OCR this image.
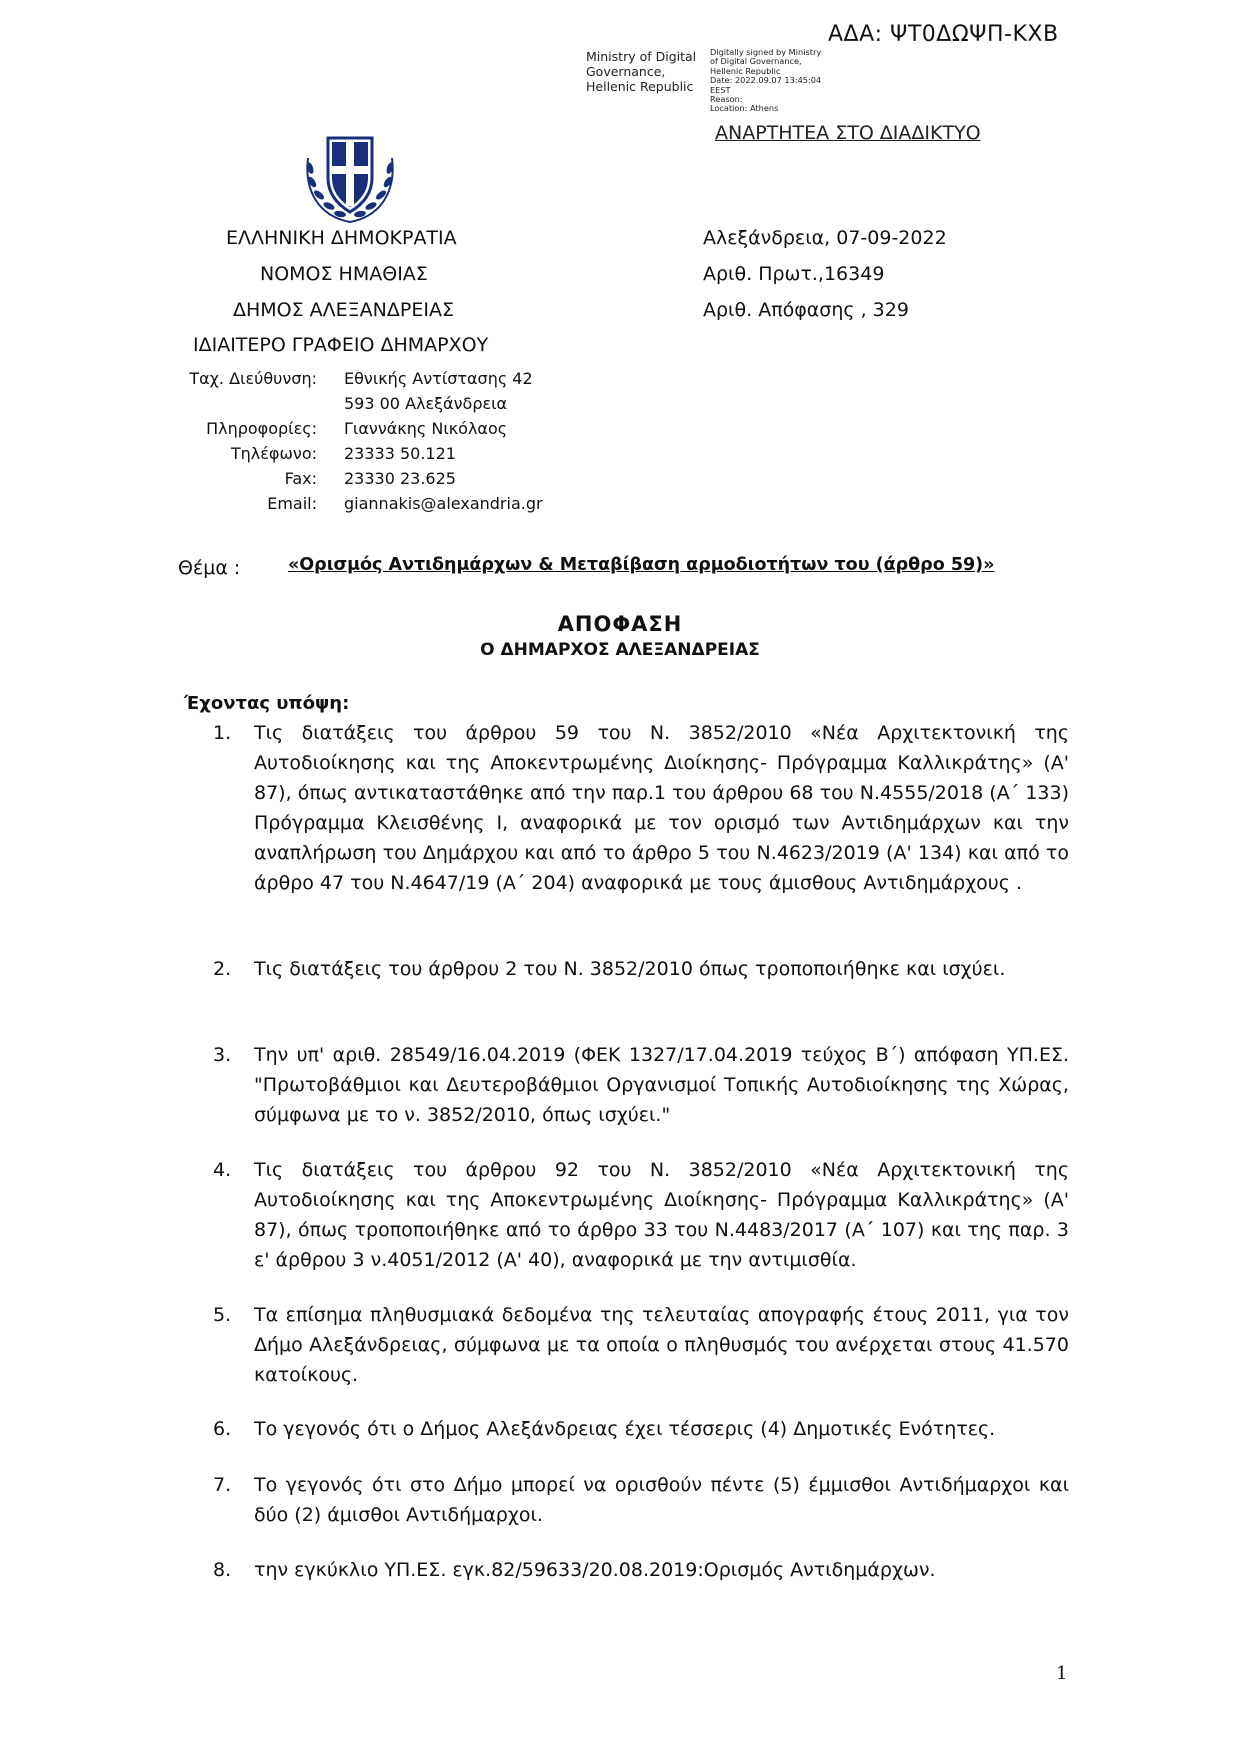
ΑΔΑ: ΨΤ0ΔΩΨΠ-ΚΧΒ
Ministry of Digital
Governance,
Hellenic Republic
Digitally signed by Ministry
of Digital Governance,
Hellenic Republic
Date: 2022.09.07 13:45:04
EEST
Reason:
Location: Athens
ΑΝΑΡΤΗΤΕΑ ΣΤΟ ΔΙΑΔΙΚΤΥΟ
ΕΛΛΗΝΙΚΗ ΔΗΜΟΚΡΑΤΙΑ
ΝΟΜΟΣ ΗΜΑΘΙΑΣ
ΔΗΜΟΣ ΑΛΕΞΑΝΔΡΕΙΑΣ
ΙΔΙΑΙΤΕΡΟ ΓΡΑΦΕΙΟ ΔΗΜΑΡΧΟΥ
Αλεξάνδρεια, 07-09-2022
Αριθ. Πρωτ.,16349
Αριθ. Απόφασης , 329
Ταχ. Διεύθυνση: Εθνικής Αντίστασης 42
593 00 Αλεξάνδρεια
Πληροφορίες: Γιαννάκης Νικόλαος
Τηλέφωνο: 23333 50.121
Fax: 23330 23.625
Email: giannakis@alexandria.gr
Θέμα :	«Ορισμός Αντιδημάρχων & Μεταβίβαση αρμοδιοτήτων του (άρθρο 59)»
ΑΠΟΦΑΣΗ
Ο ΔΗΜΑΡΧΟΣ ΑΛΕΞΑΝΔΡΕΙΑΣ
Έχοντας υπόψη:
1.	Τις διατάξεις του άρθρου 59 του Ν. 3852/2010 «Νέα Αρχιτεκτονική της Αυτοδιοίκησης και της Αποκεντρωμένης Διοίκησης- Πρόγραμμα Καλλικράτης» (Α' 87), όπως αντικαταστάθηκε από την παρ.1 του άρθρου 68 του Ν.4555/2018 (Α΄ 133) Πρόγραμμα Κλεισθένης Ι, αναφορικά με τον ορισμό των Αντιδημάρχων και την αναπλήρωση του Δημάρχου και από το άρθρο 5 του Ν.4623/2019 (Α' 134) και από το άρθρο 47 του Ν.4647/19 (Α΄ 204) αναφορικά με τους άμισθους Αντιδημάρχους .
2.	Τις διατάξεις του άρθρου 2 του Ν. 3852/2010 όπως τροποποιήθηκε και ισχύει.
3.	Την υπ' αριθ. 28549/16.04.2019 (ΦΕΚ 1327/17.04.2019 τεύχος Β΄) απόφαση ΥΠ.ΕΣ. "Πρωτοβάθμιοι και Δευτεροβάθμιοι Οργανισμοί Τοπικής Αυτοδιοίκησης της Χώρας, σύμφωνα με το ν. 3852/2010, όπως ισχύει."
4.	Τις διατάξεις του άρθρου 92 του Ν. 3852/2010 «Νέα Αρχιτεκτονική της Αυτοδιοίκησης και της Αποκεντρωμένης Διοίκησης- Πρόγραμμα Καλλικράτης» (Α' 87), όπως τροποποιήθηκε από το άρθρο 33 του Ν.4483/2017 (Α΄ 107) και της παρ. 3 ε' άρθρου 3 ν.4051/2012 (Α' 40), αναφορικά με την αντιμισθία.
5.	Τα επίσημα πληθυσμιακά δεδομένα της τελευταίας απογραφής έτους 2011, για τον Δήμο Αλεξάνδρειας, σύμφωνα με τα οποία ο πληθυσμός του ανέρχεται στους 41.570 κατοίκους.
6.	Το γεγονός ότι ο Δήμος Αλεξάνδρειας έχει τέσσερις (4) Δημοτικές Ενότητες.
7.	Το γεγονός ότι στο Δήμο μπορεί να ορισθούν πέντε (5) έμμισθοι Αντιδήμαρχοι και δύο (2) άμισθοι Αντιδήμαρχοι.
8.	την εγκύκλιο ΥΠ.ΕΣ. εγκ.82/59633/20.08.2019:Ορισμός Αντιδημάρχων.
1
